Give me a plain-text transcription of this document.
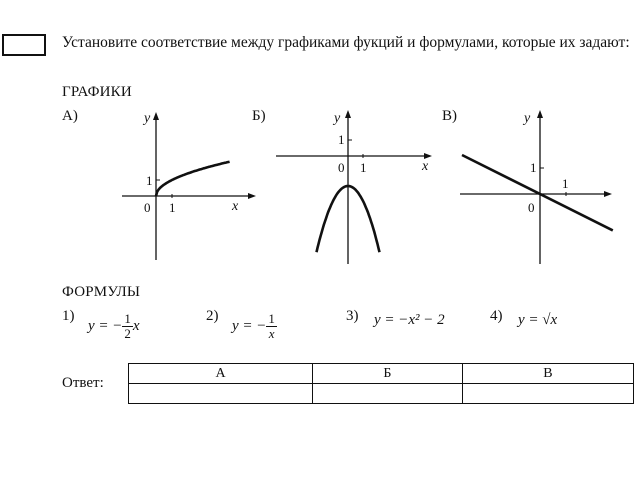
Установите соответствие между графиками фукций и формулами, которые их задают:
ГРАФИКИ
А)	Б)	В)
y
x
0 1
1
y
x
0 1
1
y
0
1
1
ФОРМУЛЫ
1)
y = − $\frac{1}{2}$ x
2)
y = − $\frac{1}{x}$	3) y = −x² − 2	4) y = √x
Ответ:
А	Б	В
